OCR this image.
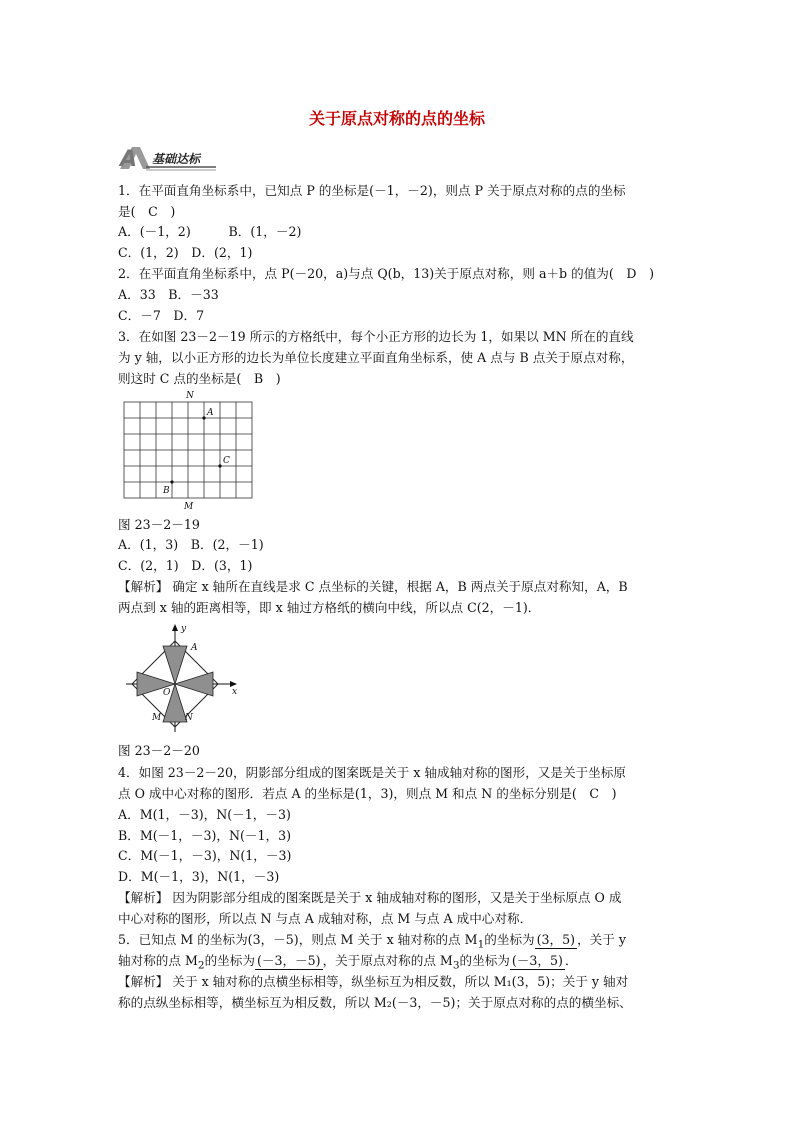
关于原点对称的点的坐标
A 基础达标
1．在平面直角坐标系中，已知点 P 的坐标是(－1，－2)，则点 P 关于原点对称的点的坐标
是(　C　)
A．(－1，2)　　　B．(1，－2)
C．(1，2)　D．(2，1)
2．在平面直角坐标系中，点 P(－20，a)与点 Q(b，13)关于原点对称，则 a＋b 的值为(　D　)
A．33　B．－33
C．－7　D．7
3．在如图 23－2－19 所示的方格纸中，每个小正方形的边长为 1，如果以 MN 所在的直线
为 y 轴，以小正方形的边长为单位长度建立平面直角坐标系，使 A 点与 B 点关于原点对称，
则这时 C 点的坐标是(　B　)
N
M
A
B
C
图 23－2－19
A．(1，3)　B．(2，－1)
C．(2，1)　D．(3，1)
【解析】 确定 x 轴所在直线是求 C 点坐标的关键，根据 A，B 两点关于原点对称知，A，B
两点到 x 轴的距离相等，即 x 轴过方格纸的横向中线，所以点 C(2，－1)．
y
x
A
O
M	N
图 23－2－20
4．如图 23－2－20，阴影部分组成的图案既是关于 x 轴成轴对称的图形，又是关于坐标原
点 O 成中心对称的图形．若点 A 的坐标是(1，3)，则点 M 和点 N 的坐标分别是(　C　)
A．M(1，－3)，N(－1，－3)
B．M(－1，－3)，N(－1，3)
C．M(－1，－3)，N(1，－3)
D．M(－1，3)，N(1，－3)
【解析】 因为阴影部分组成的图案既是关于 x 轴成轴对称的图形，又是关于坐标原点 O 成
中心对称的图形，所以点 N 与点 A 成轴对称，点 M 与点 A 成中心对称．
5．已知点 M 的坐标为(3，－5)，则点 M 关于 x 轴对称的点 $M_1$的坐标为 (3，5) ，关于 y
轴对称的点 $M_2$的坐标为 (－3，－5) ，关于原点对称的点 $M_3$的坐标为 (－3，5) ．
【解析】 关于 x 轴对称的点横坐标相等，纵坐标互为相反数，所以 M₁(3，5)；关于 y 轴对
称的点纵坐标相等，横坐标互为相反数，所以 M₂(－3，－5)；关于原点对称的点的横坐标、
